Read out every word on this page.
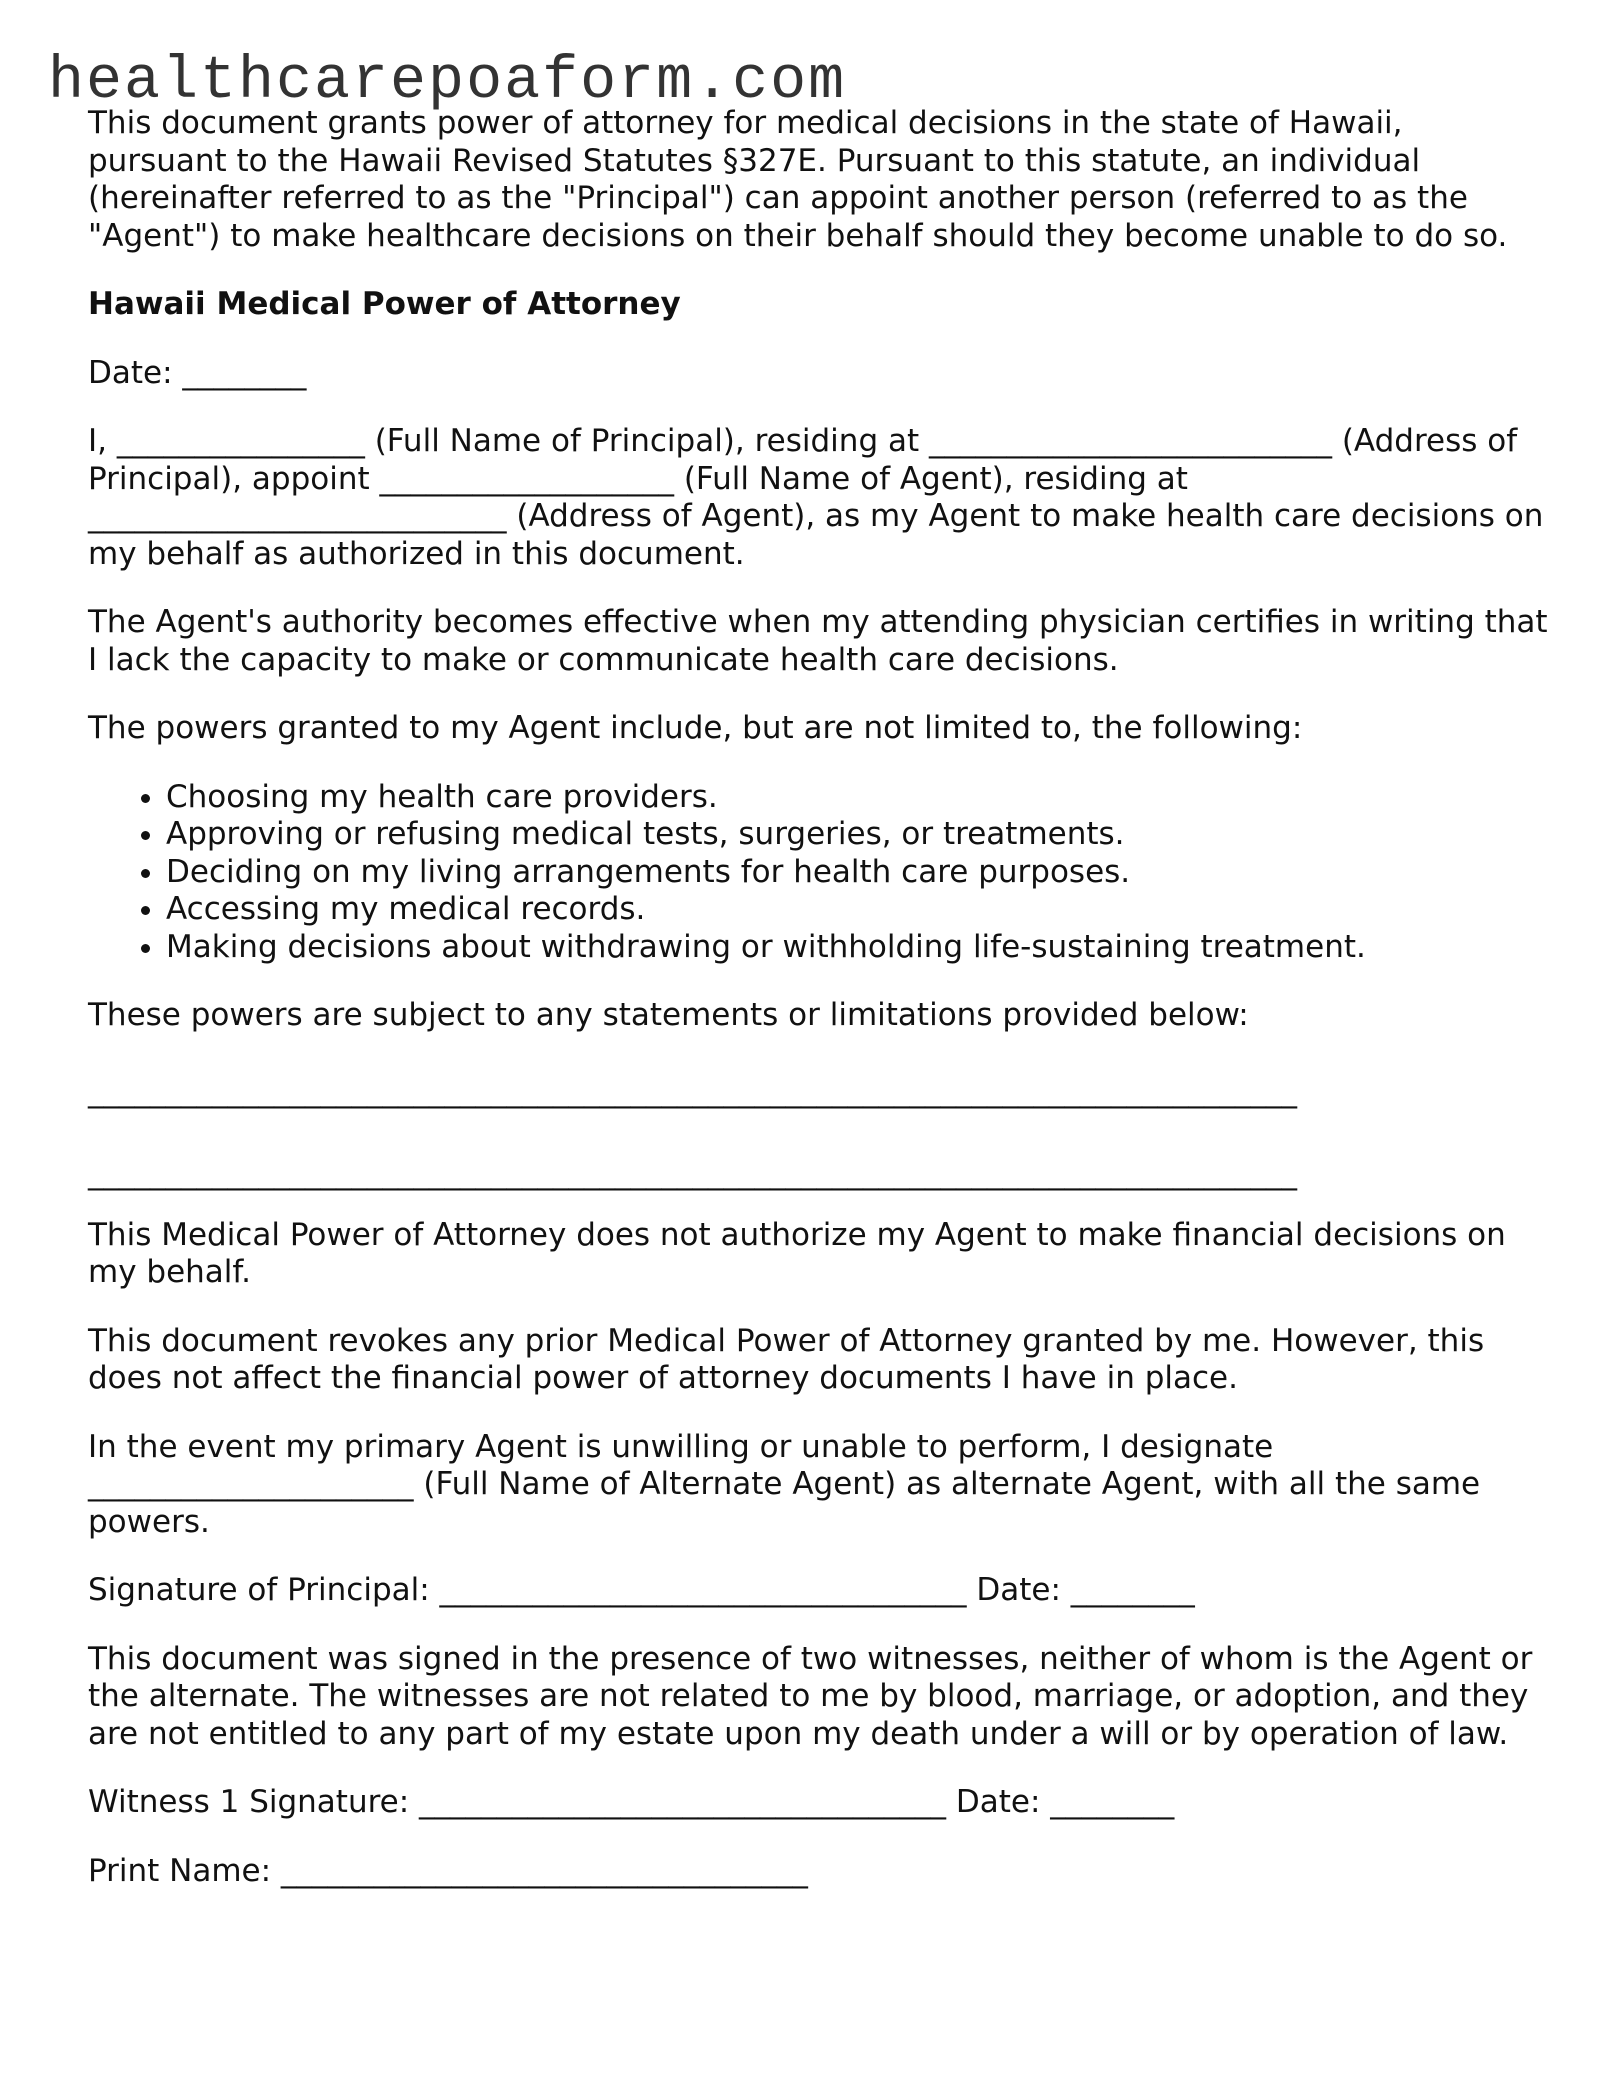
healthcarepoaform.com

This document grants power of attorney for medical decisions in the state of Hawaii, pursuant to the Hawaii Revised Statutes §327E. Pursuant to this statute, an individual (hereinafter referred to as the "Principal") can appoint another person (referred to as the "Agent") to make healthcare decisions on their behalf should they become unable to do so.

Hawaii Medical Power of Attorney

Date: ________

I, ________________ (Full Name of Principal), residing at __________________________ (Address of Principal), appoint ___________________ (Full Name of Agent), residing at ___________________________ (Address of Agent), as my Agent to make health care decisions on my behalf as authorized in this document.

The Agent's authority becomes effective when my attending physician certifies in writing that I lack the capacity to make or communicate health care decisions.

The powers granted to my Agent include, but are not limited to, the following:

• Choosing my health care providers.
• Approving or refusing medical tests, surgeries, or treatments.
• Deciding on my living arrangements for health care purposes.
• Accessing my medical records.
• Making decisions about withdrawing or withholding life-sustaining treatment.

These powers are subject to any statements or limitations provided below:

______________________________________________________________________________

______________________________________________________________________________

This Medical Power of Attorney does not authorize my Agent to make financial decisions on my behalf.

This document revokes any prior Medical Power of Attorney granted by me. However, this does not affect the financial power of attorney documents I have in place.

In the event my primary Agent is unwilling or unable to perform, I designate _____________________ (Full Name of Alternate Agent) as alternate Agent, with all the same powers.

Signature of Principal: __________________________________ Date: ________

This document was signed in the presence of two witnesses, neither of whom is the Agent or the alternate. The witnesses are not related to me by blood, marriage, or adoption, and they are not entitled to any part of my estate upon my death under a will or by operation of law.

Witness 1 Signature: __________________________________ Date: ________

Print Name: __________________________________
